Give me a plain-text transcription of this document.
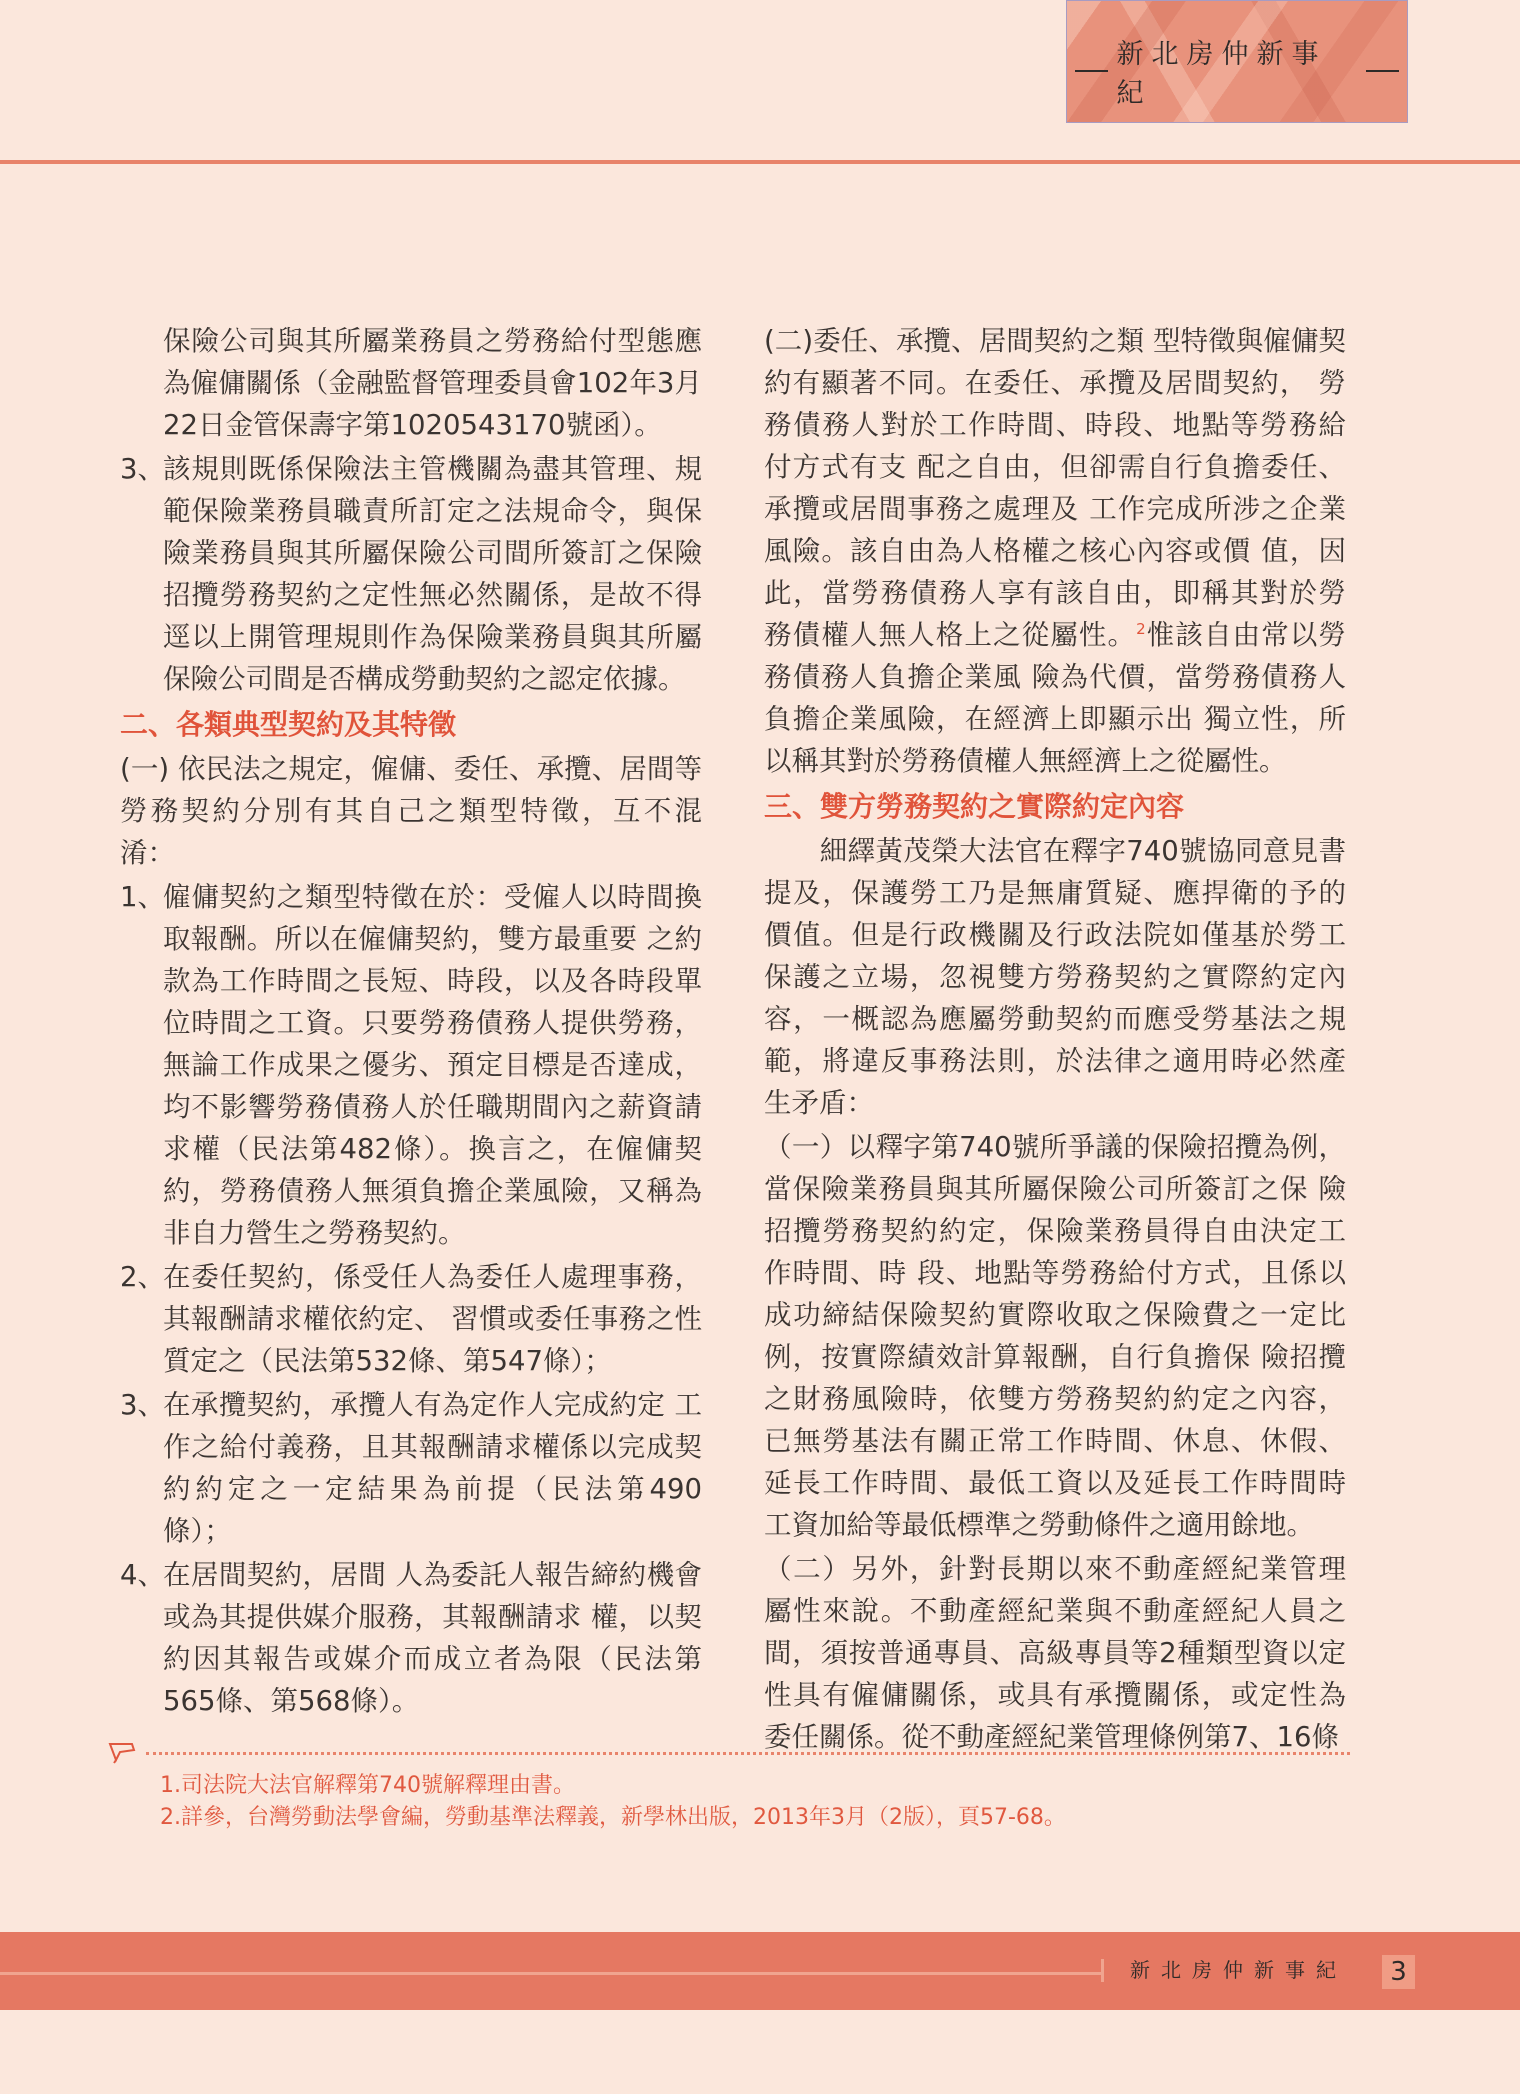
新北房仲新事紀
保險公司與其所屬業務員之勞務給付型態應
為僱傭關係（金融監督管理委員會102年3月
22日金管保壽字第1020543170號函）。
3、
該規則既係保險法主管機關為盡其管理、規
範保險業務員職責所訂定之法規命令，與保
險業務員與其所屬保險公司間所簽訂之保險
招攬勞務契約之定性無必然關係，是故不得
逕以上開管理規則作為保險業務員與其所屬
保險公司間是否構成勞動契約之認定依據。
二、各類典型契約及其特徵
(一) 依民法之規定，僱傭、委任、承攬、居間等
勞務契約分別有其自己之類型特徵，互不混
淆：
1、
僱傭契約之類型特徵在於：受僱人以時間換
取報酬。所以在僱傭契約，雙方最重要 之約
款為工作時間之長短、時段，以及各時段單
位時間之工資。只要勞務債務人提供勞務，
無論工作成果之優劣、預定目標是否達成，
均不影響勞務債務人於任職期間內之薪資請
求權（民法第482條）。換言之，在僱傭契
約，勞務債務人無須負擔企業風險，又稱為
非自力營生之勞務契約。
2、
在委任契約，係受任人為委任人處理事務，
其報酬請求權依約定、 習慣或委任事務之性
質定之（民法第532條、第547條）；
3、
在承攬契約，承攬人有為定作人完成約定 工
作之給付義務，且其報酬請求權係以完成契
約約定之一定結果為前提（民法第490
條）；
4、
在居間契約，居間 人為委託人報告締約機會
或為其提供媒介服務，其報酬請求 權，以契
約因其報告或媒介而成立者為限（民法第
565條、第568條）。
(二)委任、承攬、居間契約之類 型特徵與僱傭契
約有顯著不同。在委任、承攬及居間契約， 勞
務債務人對於工作時間、時段、地點等勞務給
付方式有支 配之自由，但卻需自行負擔委任、
承攬或居間事務之處理及 工作完成所涉之企業
風險。該自由為人格權之核心內容或價 值，因
此，當勞務債務人享有該自由，即稱其對於勞
務債權人無人格上之從屬性。$^2$惟該自由常以勞
務債務人負擔企業風 險為代價，當勞務債務人
負擔企業風險，在經濟上即顯示出 獨立性，所
以稱其對於勞務債權人無經濟上之從屬性。
三、雙方勞務契約之實際約定內容
　　細繹黃茂榮大法官在釋字740號協同意見書
提及，保護勞工乃是無庸質疑、應捍衛的予的
價值。但是行政機關及行政法院如僅基於勞工
保護之立場，忽視雙方勞務契約之實際約定內
容，一概認為應屬勞動契約而應受勞基法之規
範，將違反事務法則，於法律之適用時必然產
生矛盾：
（一）以釋字第740號所爭議的保險招攬為例，
當保險業務員與其所屬保險公司所簽訂之保 險
招攬勞務契約約定，保險業務員得自由決定工
作時間、時 段、地點等勞務給付方式，且係以
成功締結保險契約實際收取之保險費之一定比
例，按實際績效計算報酬，自行負擔保 險招攬
之財務風險時，依雙方勞務契約約定之內容，
已無勞基法有關正常工作時間、休息、休假、
延長工作時間、最低工資以及延長工作時間時
工資加給等最低標準之勞動條件之適用餘地。
（二）另外，針對長期以來不動產經紀業管理
屬性來說。不動產經紀業與不動產經紀人員之
間，須按普通專員、高級專員等2種類型資以定
性具有僱傭關係，或具有承攬關係，或定性為
委任關係。從不動產經紀業管理條例第7、16條
1.司法院大法官解釋第740號解釋理由書。
2.詳參，台灣勞動法學會編，勞動基準法釋義，新學林出版，2013年3月（2版），頁57-68。
新北房仲新事紀	3
